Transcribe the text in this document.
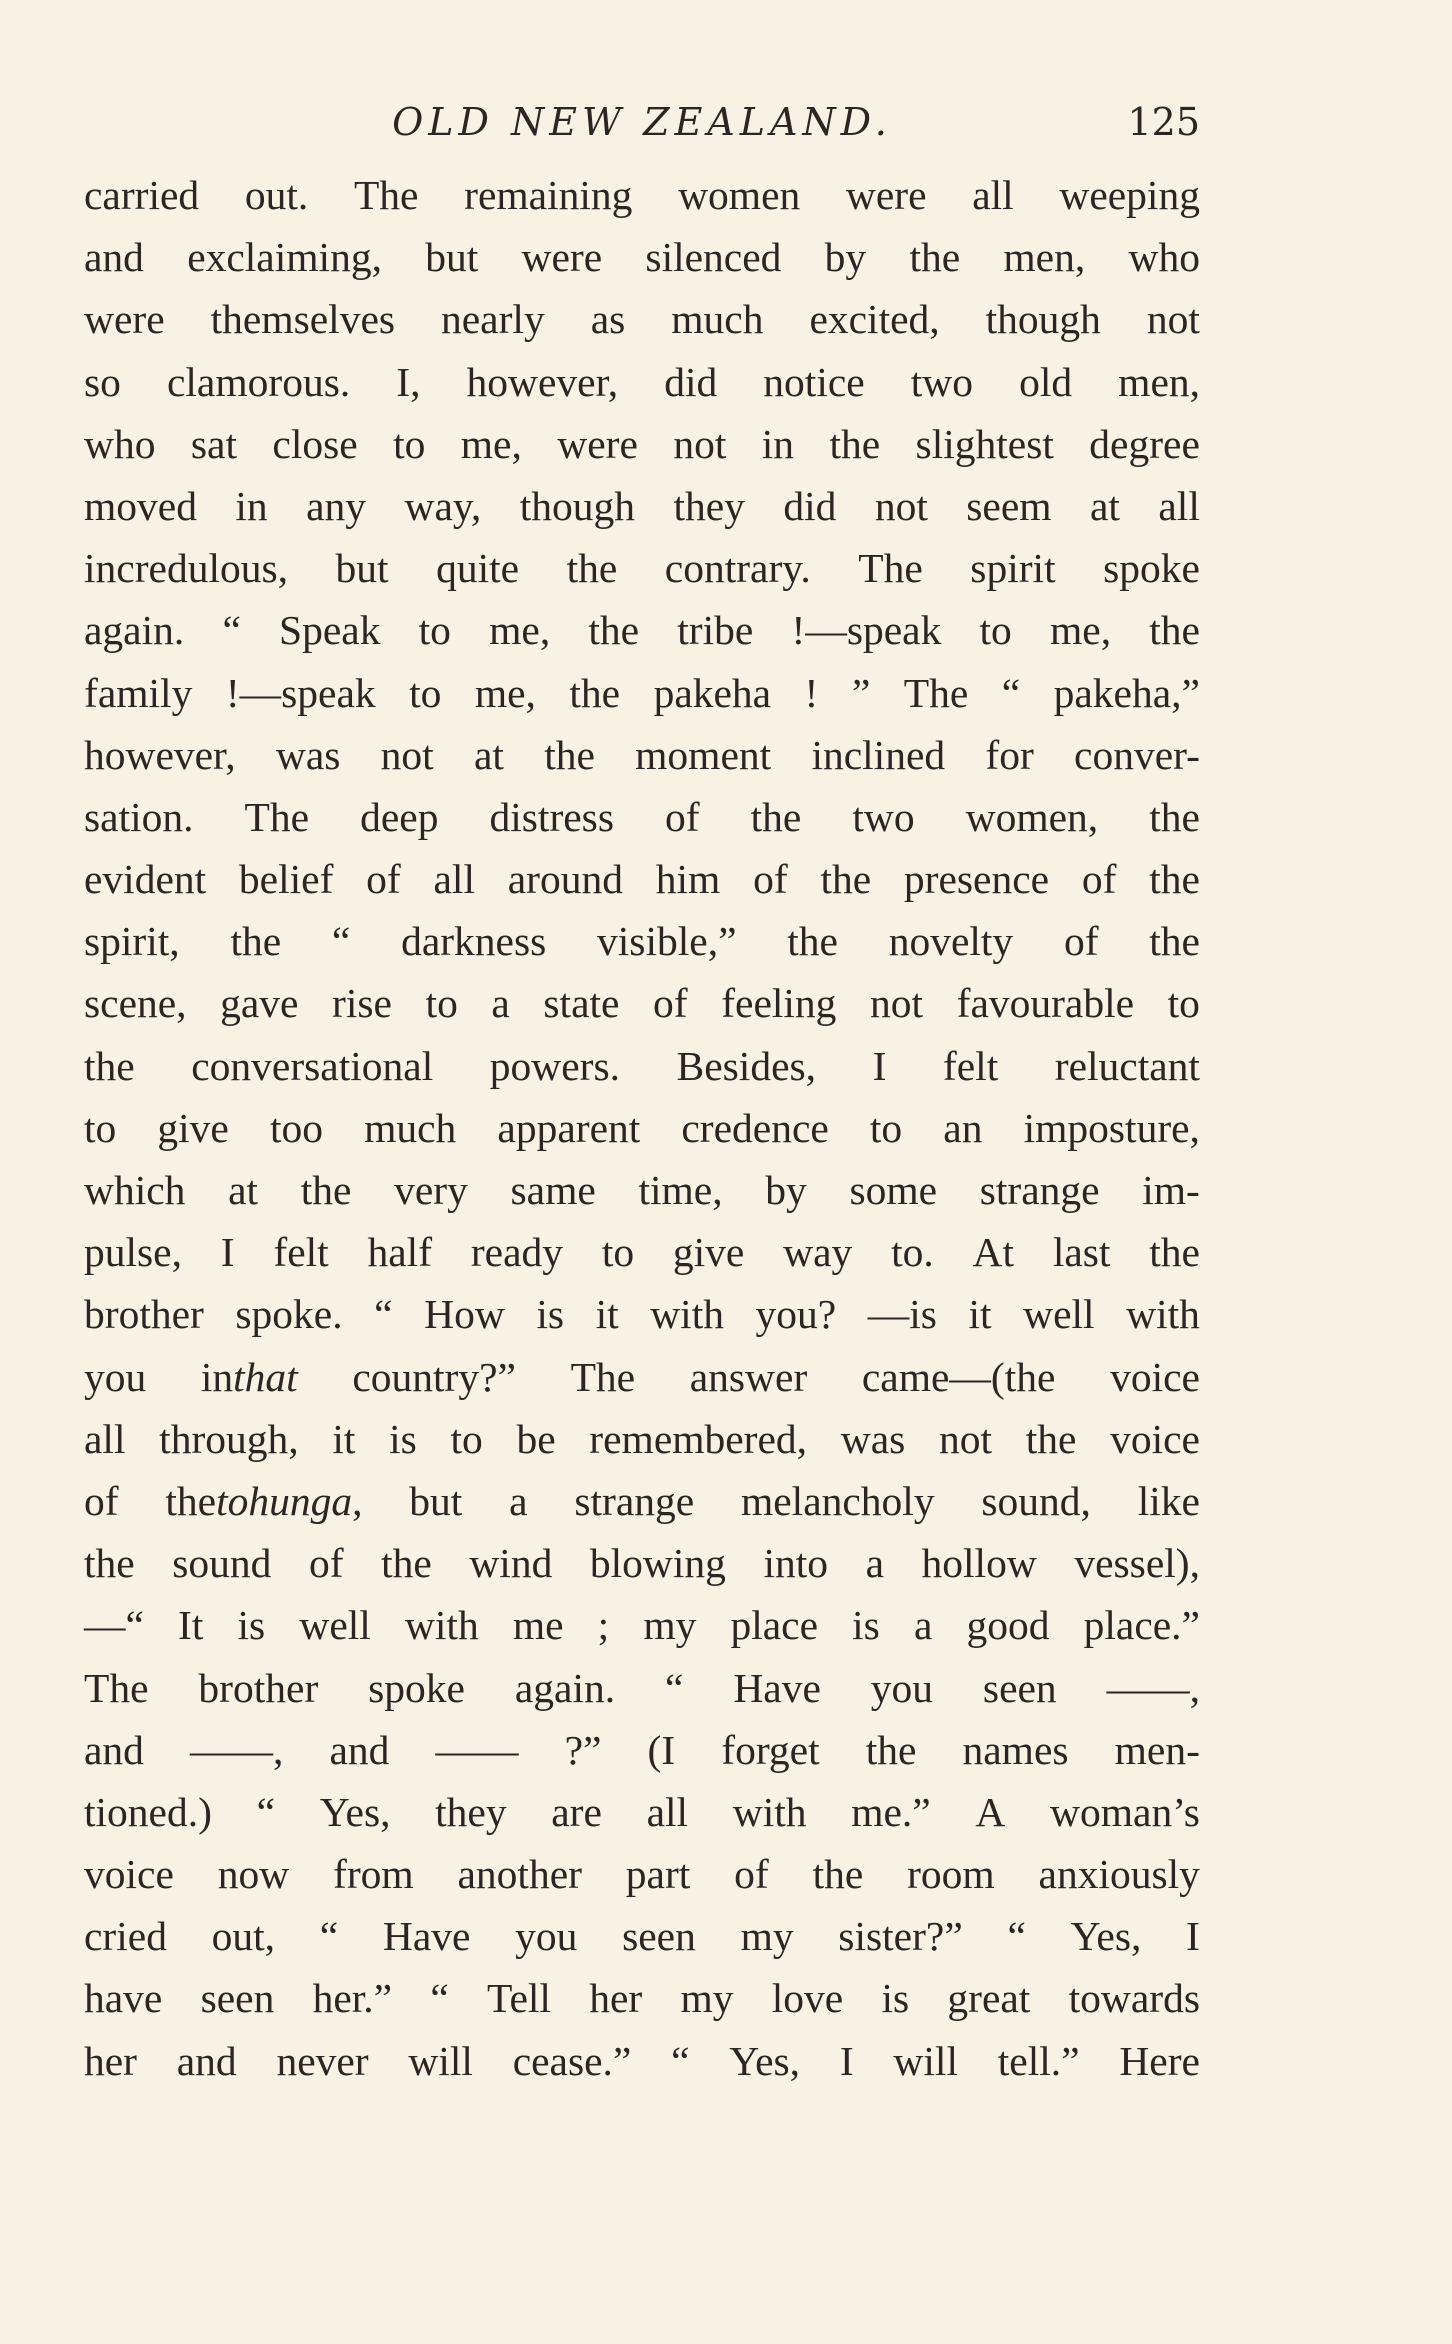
OLD NEW ZEALAND.	125
carried out. The remaining women were all weeping
and exclaiming, but were silenced by the men, who
were themselves nearly as much excited, though not
so clamorous. I, however, did notice two old men,
who sat close to me, were not in the slightest degree
moved in any way, though they did not seem at all
incredulous, but quite the contrary. The spirit spoke
again. “ Speak to me, the tribe !—speak to me, the
family !—speak to me, the pakeha ! ” The “ pakeha,”
however, was not at the moment inclined for conver-
sation. The deep distress of the two women, the
evident belief of all around him of the presence of the
spirit, the “ darkness visible,” the novelty of the
scene, gave rise to a state of feeling not favourable to
the conversational powers. Besides, I felt reluctant
to give too much apparent credence to an imposture,
which at the very same time, by some strange im-
pulse, I felt half ready to give way to. At last the
brother spoke. “ How is it with you? —is it well with
you inthat country?” The answer came—(the voice
all through, it is to be remembered, was not the voice
of thetohunga, but a strange melancholy sound, like
the sound of the wind blowing into a hollow vessel),
—“ It is well with me ; my place is a good place.”
The brother spoke again. “ Have you seen ——,
and ——, and —— ?” (I forget the names men-
tioned.) “ Yes, they are all with me.” A woman’s
voice now from another part of the room anxiously
cried out, “ Have you seen my sister?” “ Yes, I
have seen her.” “ Tell her my love is great towards
her and never will cease.” “ Yes, I will tell.” Here
